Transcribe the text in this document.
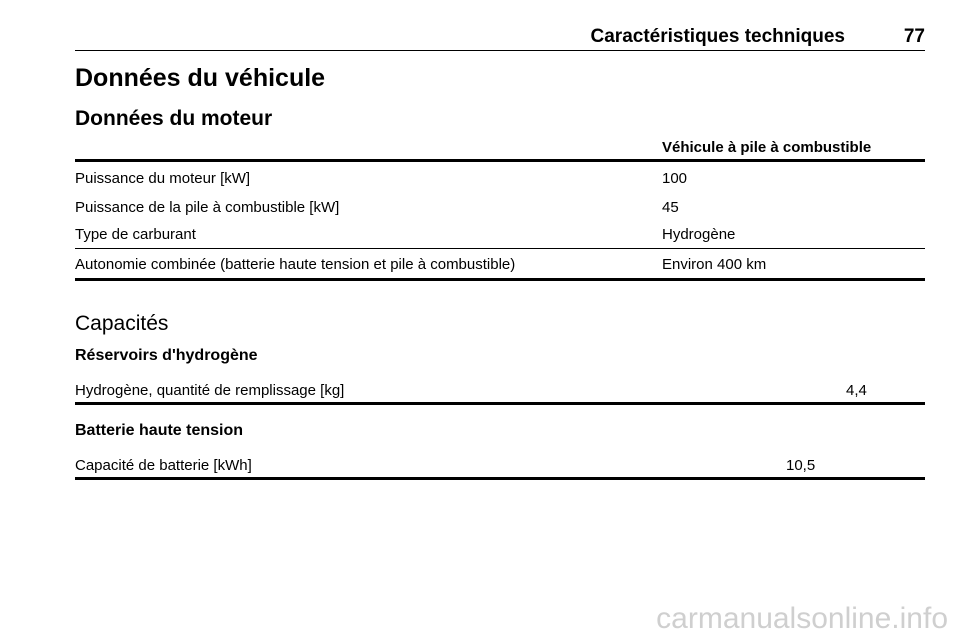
Caractéristiques techniques	77
Données du véhicule
Données du moteur
Véhicule à pile à combustible
Puissance du moteur [kW]	100
Puissance de la pile à combustible [kW]	45
Type de carburant	Hydrogène
Autonomie combinée (batterie haute tension et pile à combustible)	Environ 400 km
Capacités
Réservoirs d'hydrogène
Hydrogène, quantité de remplissage [kg]	4,4
Batterie haute tension
Capacité de batterie [kWh]	10,5
carmanualsonline.info
